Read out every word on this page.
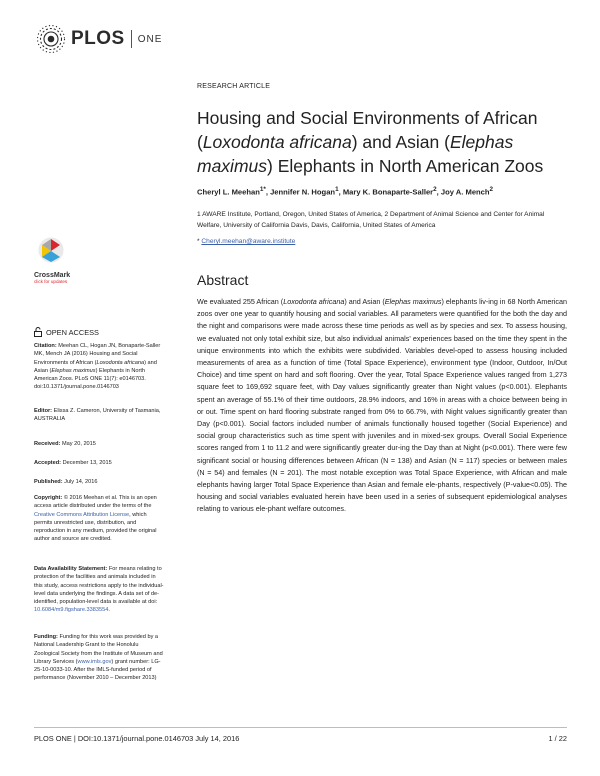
PLOS ONE
RESEARCH ARTICLE
Housing and Social Environments of African (Loxodonta africana) and Asian (Elephas maximus) Elephants in North American Zoos
Cheryl L. Meehan$^{1*}$, Jennifer N. Hogan$^1$, Mary K. Bonaparte-Saller$^2$, Joy A. Mench$^2$
1 AWARE Institute, Portland, Oregon, United States of America, 2 Department of Animal Science and Center for Animal Welfare, University of California Davis, Davis, California, United States of America
* Cheryl.meehan@aware.institute
Abstract
We evaluated 255 African (Loxodonta africana) and Asian (Elephas maximus) elephants liv-ing in 68 North American zoos over one year to quantify housing and social variables. All parameters were quantified for the both the day and the night and comparisons were made across these time periods as well as by species and sex. To assess housing, we evaluated not only total exhibit size, but also individual animals' experiences based on the time they spent in the unique environments into which the exhibits were subdivided. Variables devel-oped to assess housing included measurements of area as a function of time (Total Space Experience), environment type (Indoor, Outdoor, In/Out Choice) and time spent on hard and soft flooring. Over the year, Total Space Experience values ranged from 1,273 square feet to 169,692 square feet, with Day values significantly greater than Night values (p<0.001). Elephants spent an average of 55.1% of their time outdoors, 28.9% indoors, and 16% in areas with a choice between being in or out. Time spent on hard flooring substrate ranged from 0% to 66.7%, with Night values significantly greater than Day (p<0.001). Social factors included number of animals functionally housed together (Social Experience) and social group characteristics such as time spent with juveniles and in mixed-sex groups. Overall Social Experience scores ranged from 1 to 11.2 and were significantly greater dur-ing the Day than at Night (p<0.001). There were few significant social or housing differences between African (N = 138) and Asian (N = 117) species or between males (N = 54) and females (N = 201). The most notable exception was Total Space Experience, with African and male elephants having larger Total Space Experience than Asian and female ele-phants, respectively (P-value<0.05). The housing and social variables evaluated herein have been used in a series of subsequent epidemiological analyses relating to various ele-phant welfare outcomes.
CrossMark
click for updates
OPEN ACCESS
Citation: Meehan CL, Hogan JN, Bonaparte-Saller MK, Mench JA (2016) Housing and Social Environments of African (Loxodonta africana) and Asian (Elephas maximus) Elephants in North American Zoos. PLoS ONE 11(7): e0146703. doi:10.1371/journal.pone.0146703
Editor: Elissa Z. Cameron, University of Tasmania, AUSTRALIA
Received: May 20, 2015
Accepted: December 13, 2015
Published: July 14, 2016
Copyright: © 2016 Meehan et al. This is an open access article distributed under the terms of the Creative Commons Attribution License, which permits unrestricted use, distribution, and reproduction in any medium, provided the original author and source are credited.
Data Availability Statement: For means relating to protection of the facilities and animals included in this study, access restrictions apply to the individual-level data underlying the findings. A data set of de-identified, population-level data is available at doi: 10.6084/m9.figshare.3383554.
Funding: Funding for this work was provided by a National Leadership Grant to the Honolulu Zoological Society from the Institute of Museum and Library Services (www.imls.gov) grant number: LG-25-10-0033-10. After the IMLS-funded period of performance (November 2010 – December 2013)
PLOS ONE | DOI:10.1371/journal.pone.0146703 July 14, 2016	1 / 22
